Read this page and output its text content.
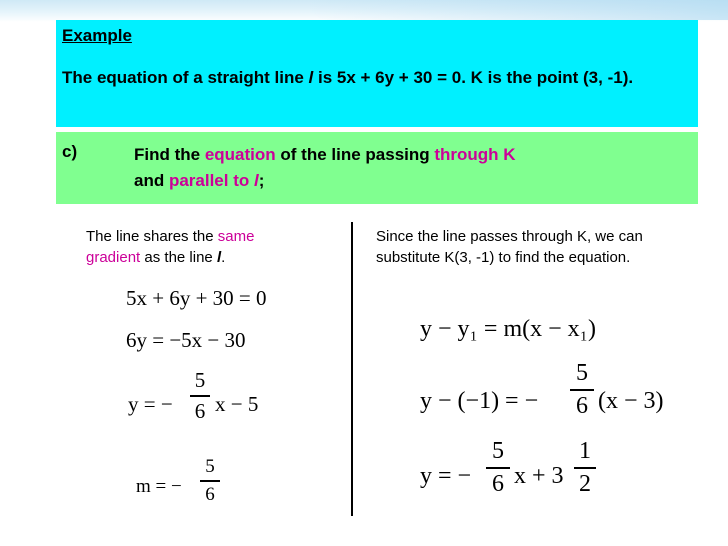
Example
The equation of a straight line l is 5x + 6y + 30 = 0. K is the point (3, -1).
c)	Find the equation of the line passing through K
and parallel to l;
The line shares the same
gradient as the line l.
Since the line passes through K, we can substitute K(3, -1) to find the equation.
5x + 6y + 30 = 0
6y = −5x − 30
y = −
5
6 x − 5
m = −
5
6
y − y₁ = m(x − x₁)
y − (−1) = −
5
6 (x − 3)
y = −
5
6 x + 3
1
2
